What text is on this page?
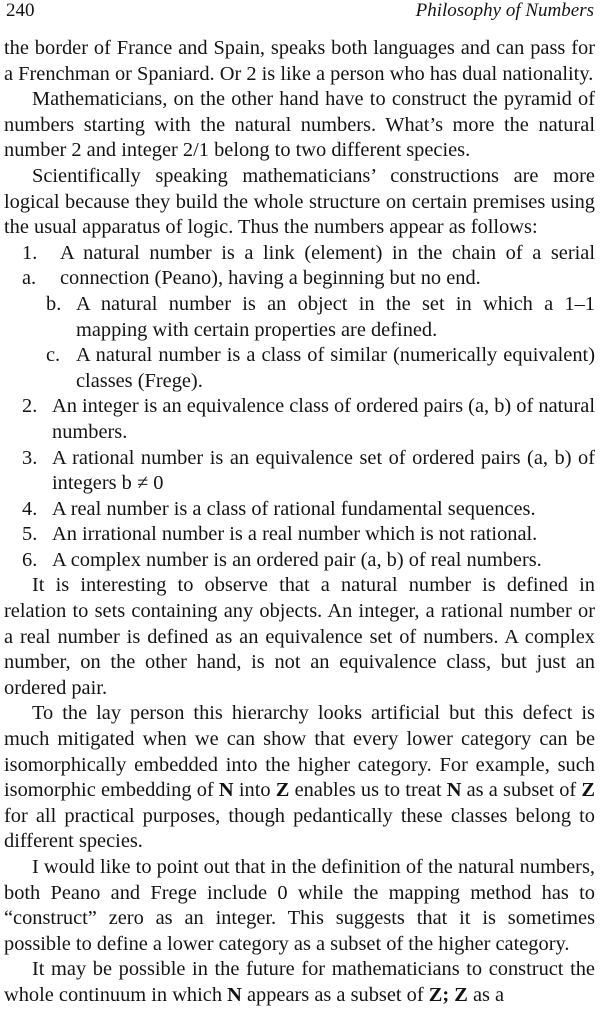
240	Philosophy of Numbers

the border of France and Spain, speaks both languages and can pass for a Frenchman or Spaniard. Or 2 is like a person who has dual nationality.

Mathematicians, on the other hand have to construct the pyramid of numbers starting with the natural numbers. What’s more the natural number 2 and integer 2/1 belong to two different species.

Scientifically speaking mathematicians’ constructions are more logical because they build the whole structure on certain premises using the usual apparatus of logic. Thus the numbers appear as follows:

1. a.
A natural number is a link (element) in the chain of a serial connection (Peano), having a beginning but no end.
b. A natural number is an object in the set in which a 1–1 mapping with certain properties are defined.
c. A natural number is a class of similar (numerically equivalent) classes (Frege).
2. An integer is an equivalence class of ordered pairs (a, b) of natural numbers.
3. A rational number is an equivalence set of ordered pairs (a, b) of integers b ≠ 0
4. A real number is a class of rational fundamental sequences.
5. An irrational number is a real number which is not rational.
6. A complex number is an ordered pair (a, b) of real numbers.

It is interesting to observe that a natural number is defined in relation to sets containing any objects. An integer, a rational number or a real number is defined as an equivalence set of numbers. A complex number, on the other hand, is not an equivalence class, but just an ordered pair.

To the lay person this hierarchy looks artificial but this defect is much mitigated when we can show that every lower category can be isomorphically embedded into the higher category. For example, such isomorphic embedding of N into Z enables us to treat N as a subset of Z for all practical purposes, though pedantically these classes belong to different species.

I would like to point out that in the definition of the natural numbers, both Peano and Frege include 0 while the mapping method has to “construct” zero as an integer. This suggests that it is sometimes possible to define a lower category as a subset of the higher category.

It may be possible in the future for mathematicians to construct the whole continuum in which N appears as a subset of Z; Z as a
